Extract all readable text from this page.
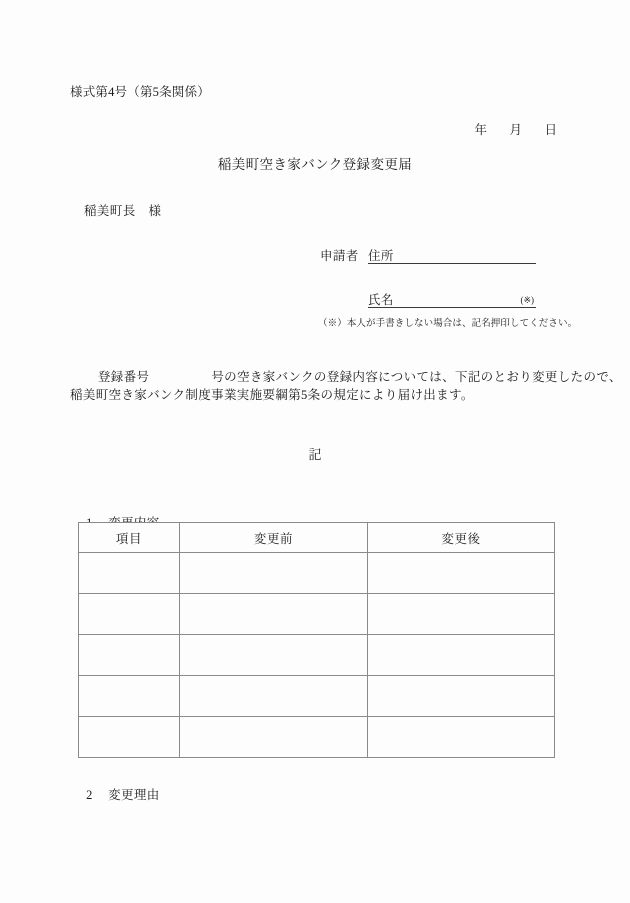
様式第4号（第5条関係）

年 月 日

稲美町空き家バンク登録変更届
稲美町長　様
申請者 住所
氏名	(※)
（※）本人が手書きしない場合は、記名押印してください。

登録番号	号の空き家バンクの登録内容については、下記のとおり変更したので、

稲美町空き家バンク制度事業実施要綱第5条の規定により届け出ます。
記

項目	変更前	変更後

2 変更理由
